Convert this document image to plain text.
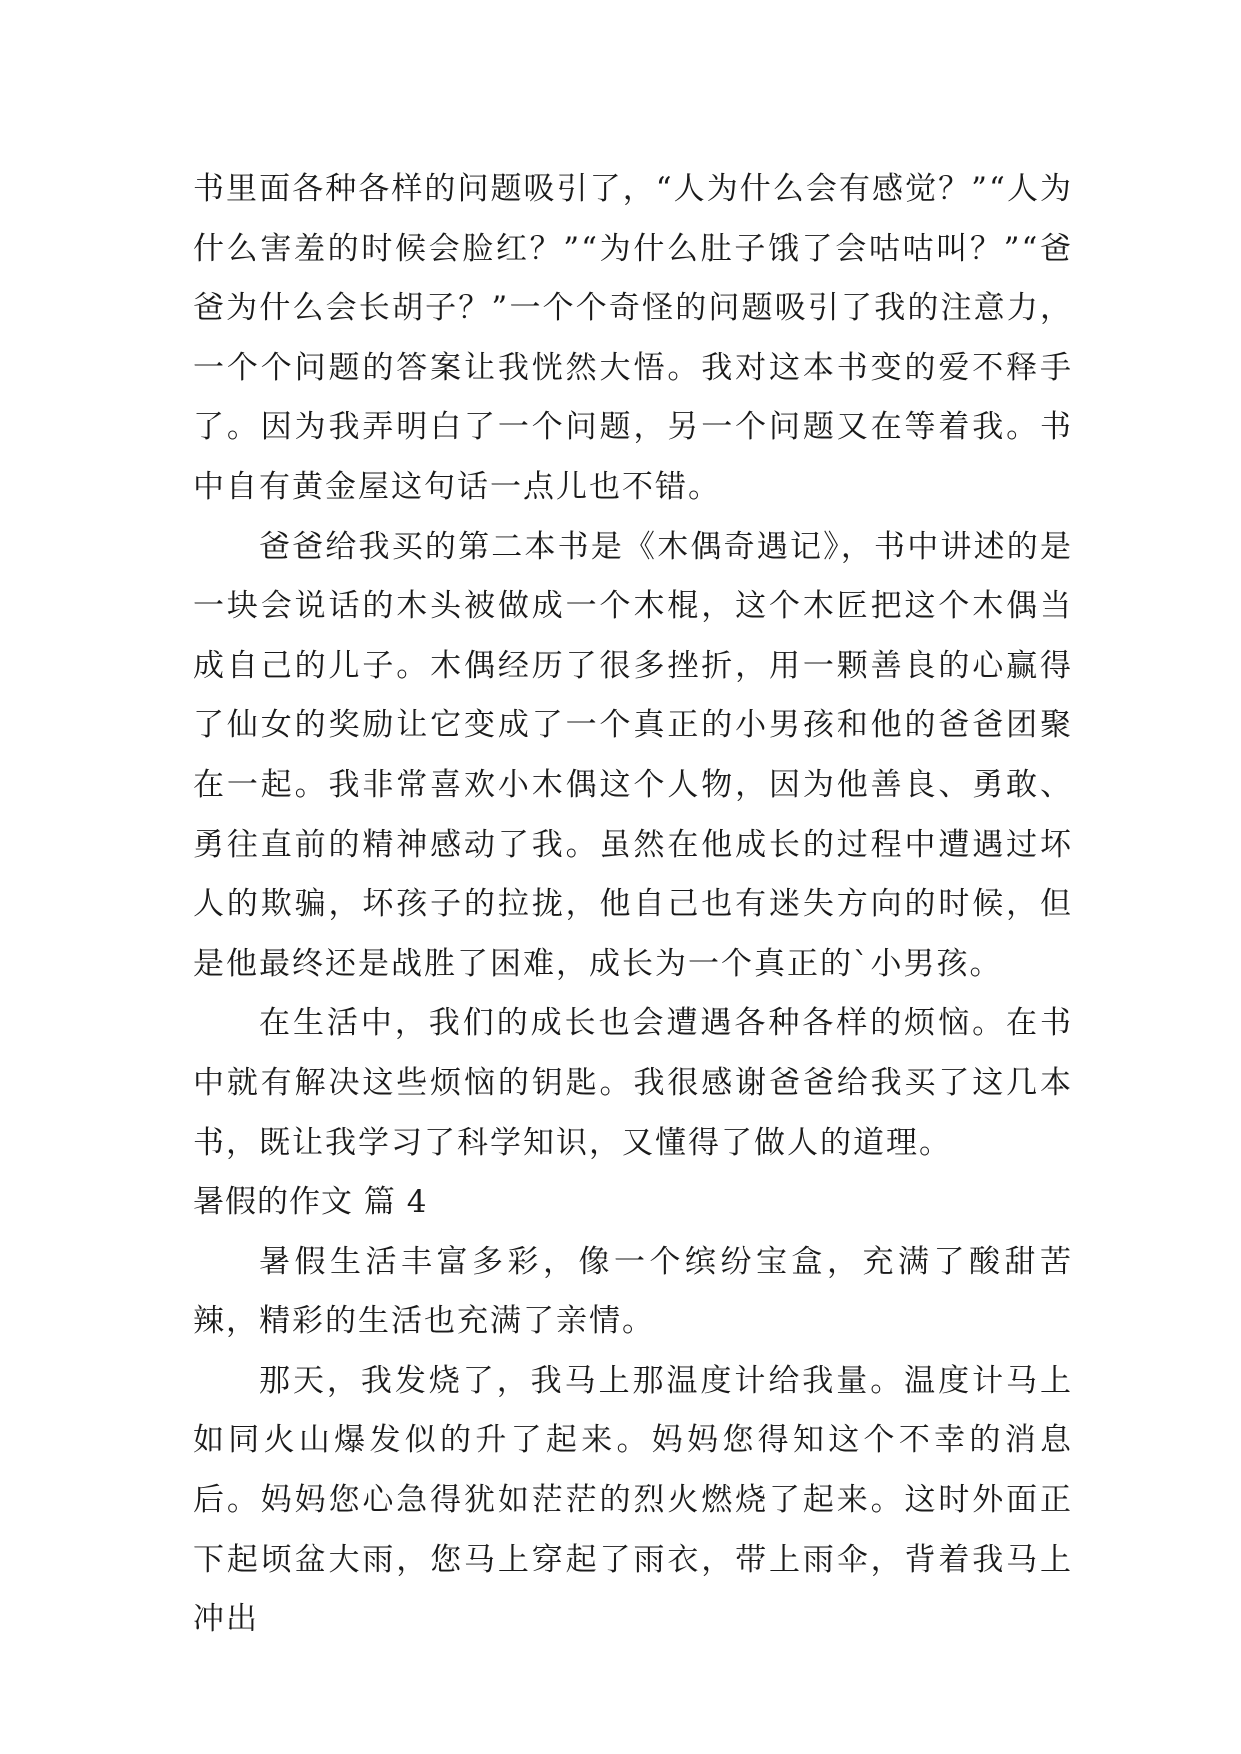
书里面各种各样的问题吸引了，“人为什么会有感觉？”“人为什么害羞的时候会脸红？”“为什么肚子饿了会咕咕叫？”“爸爸为什么会长胡子？”一个个奇怪的问题吸引了我的注意力，一个个问题的答案让我恍然大悟。我对这本书变的爱不释手了。因为我弄明白了一个问题，另一个问题又在等着我。书中自有黄金屋这句话一点儿也不错。

爸爸给我买的第二本书是《木偶奇遇记》，书中讲述的是一块会说话的木头被做成一个木棍，这个木匠把这个木偶当成自己的儿子。木偶经历了很多挫折，用一颗善良的心赢得了仙女的奖励让它变成了一个真正的小男孩和他的爸爸团聚在一起。我非常喜欢小木偶这个人物，因为他善良、勇敢、勇往直前的精神感动了我。虽然在他成长的过程中遭遇过坏人的欺骗，坏孩子的拉拢，他自己也有迷失方向的时候，但是他最终还是战胜了困难，成长为一个真正的`小男孩。

在生活中，我们的成长也会遭遇各种各样的烦恼。在书中就有解决这些烦恼的钥匙。我很感谢爸爸给我买了这几本书，既让我学习了科学知识，又懂得了做人的道理。

暑假的作文 篇 4

暑假生活丰富多彩，像一个缤纷宝盒，充满了酸甜苦辣，精彩的生活也充满了亲情。

那天，我发烧了，我马上那温度计给我量。温度计马上如同火山爆发似的升了起来。妈妈您得知这个不幸的消息后。妈妈您心急得犹如茫茫的烈火燃烧了起来。这时外面正下起顷盆大雨，您马上穿起了雨衣，带上雨伞，背着我马上冲出
